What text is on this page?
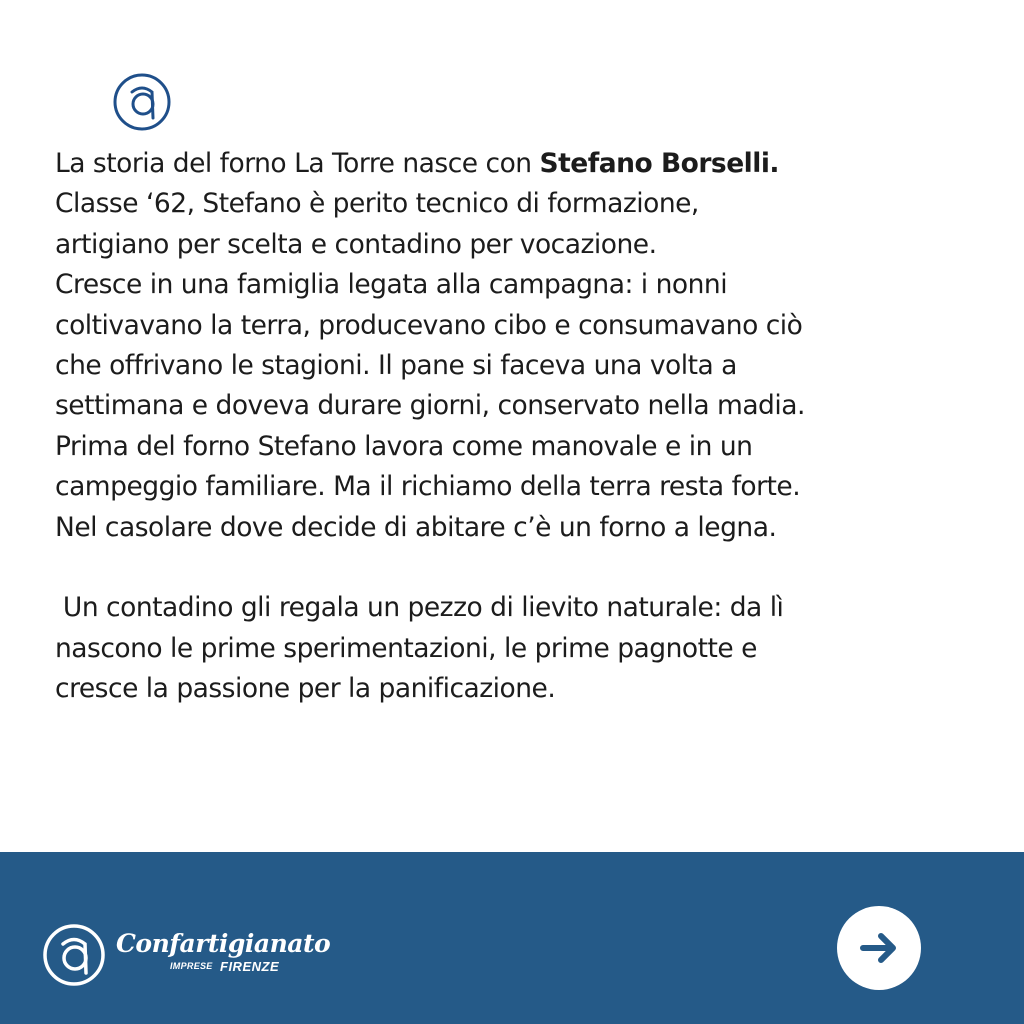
La storia del forno La Torre nasce con Stefano Borselli.

Classe ‘62, Stefano è perito tecnico di formazione,

artigiano per scelta e contadino per vocazione.

Cresce in una famiglia legata alla campagna: i nonni

coltivavano la terra, producevano cibo e consumavano ciò

che offrivano le stagioni. Il pane si faceva una volta a

settimana e doveva durare giorni, conservato nella madia.

Prima del forno Stefano lavora come manovale e in un

campeggio familiare. Ma il richiamo della terra resta forte.

Nel casolare dove decide di abitare c’è un forno a legna.

Un contadino gli regala un pezzo di lievito naturale: da lì

nascono le prime sperimentazioni, le prime pagnotte e

cresce la passione per la panificazione.

Confartigianato
IMPRESE FIRENZE
